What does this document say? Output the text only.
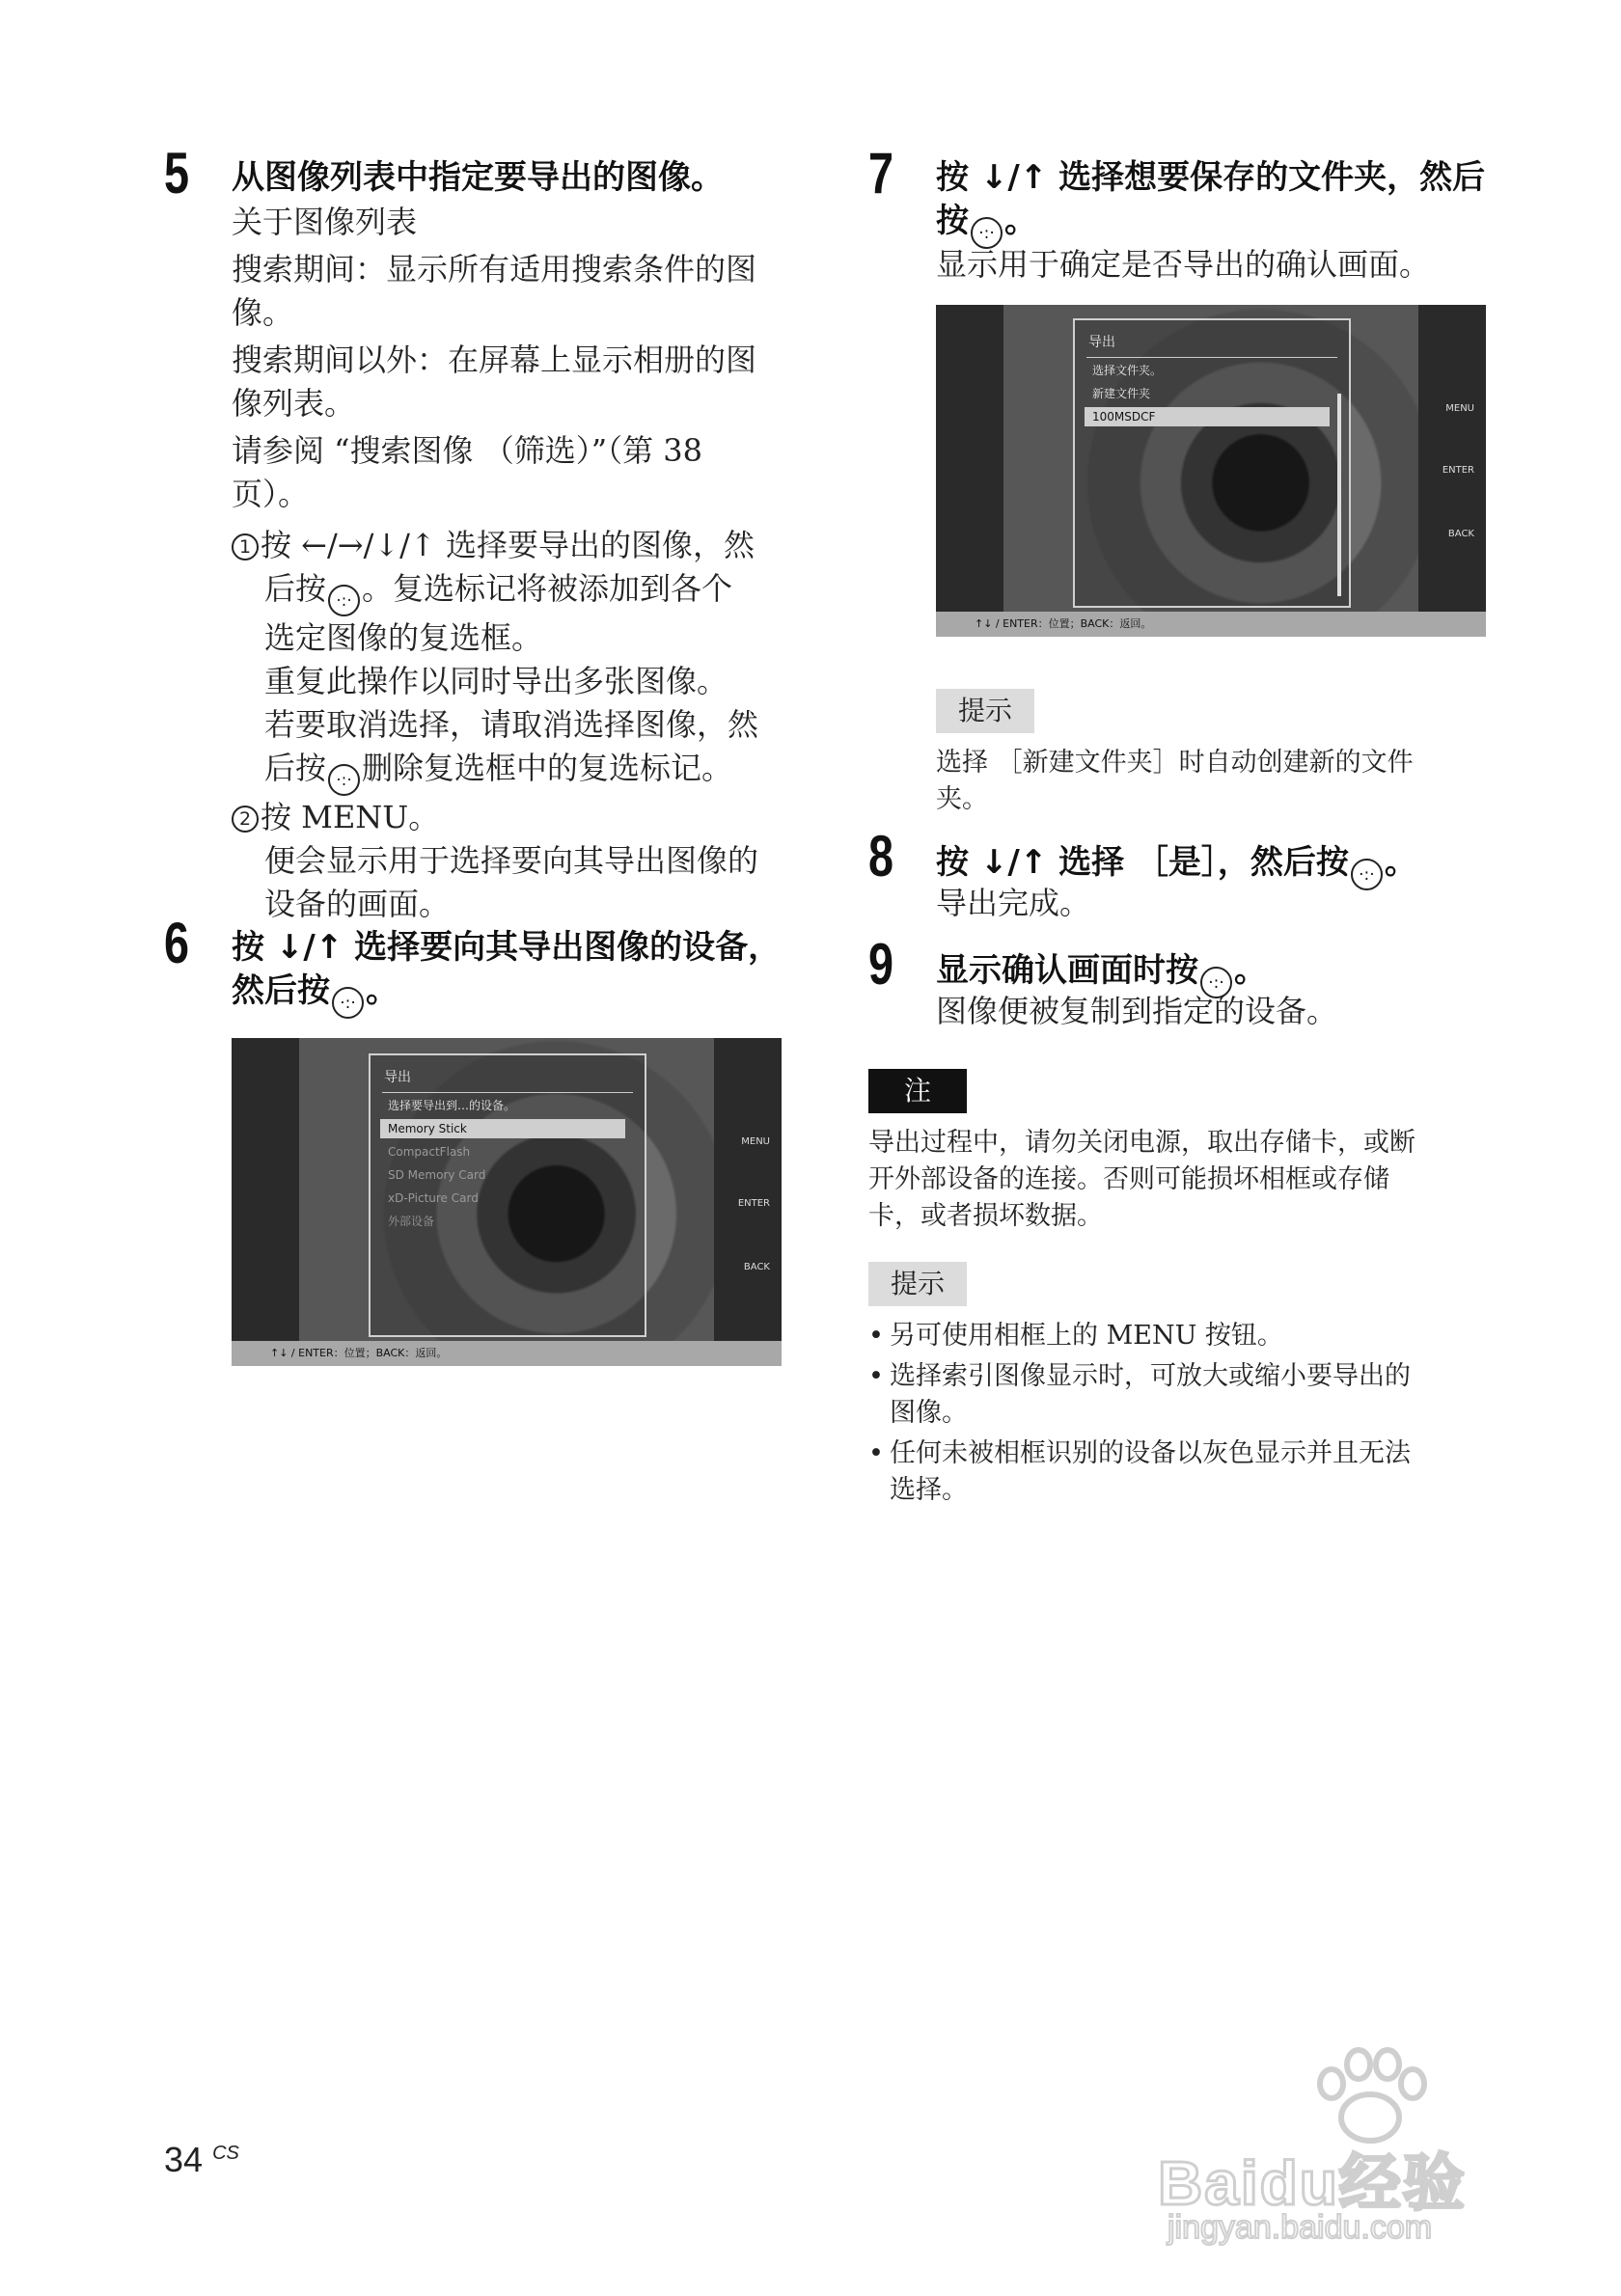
5 从图像列表中指定要导出的图像。
关于图像列表
搜索期间：显示所有适用搜索条件的图
像。
搜索期间以外：在屏幕上显示相册的图
像列表。
请参阅 “搜索图像 （筛选）”（第 38
页）。
1 按 ←/→/↓/↑ 选择要导出的图像，然
后按 ·:· 。复选标记将被添加到各个
选定图像的复选框。
重复此操作以同时导出多张图像。
若要取消选择，请取消选择图像，然
后按 ·:· 删除复选框中的复选标记。
2 按 MENU。
便会显示用于选择要向其导出图像的
设备的画面。
6 按 ↓/↑ 选择要向其导出图像的设备，
然后按 ·:· 。
导出
选择要导出到…的设备。
Memory Stick
CompactFlash
SD Memory Card
xD-Picture Card
外部设备
MENU
ENTER
BACK
↑↓ / ENTER：位置；BACK：返回。
7 按 ↓/↑ 选择想要保存的文件夹，然后
按 ·:· 。
显示用于确定是否导出的确认画面。
导出
选择文件夹。
新建文件夹
100MSDCF
MENU
ENTER
BACK
↑↓ / ENTER：位置；BACK：返回。
提示
选择 ［新建文件夹］时自动创建新的文件
夹。
8 按 ↓/↑ 选择 ［是］，然后按 ·:· 。
导出完成。
9 显示确认画面时按 ·:· 。
图像便被复制到指定的设备。
注
导出过程中，请勿关闭电源，取出存储卡，或断
开外部设备的连接。否则可能损坏相框或存储
卡，或者损坏数据。
提示
• 另可使用相框上的 MENU 按钮。
• 选择索引图像显示时，可放大或缩小要导出的
图像。
• 任何未被相框识别的设备以灰色显示并且无法
选择。
34 $^{CS}$	Baidu经验
jingyan.baidu.com
